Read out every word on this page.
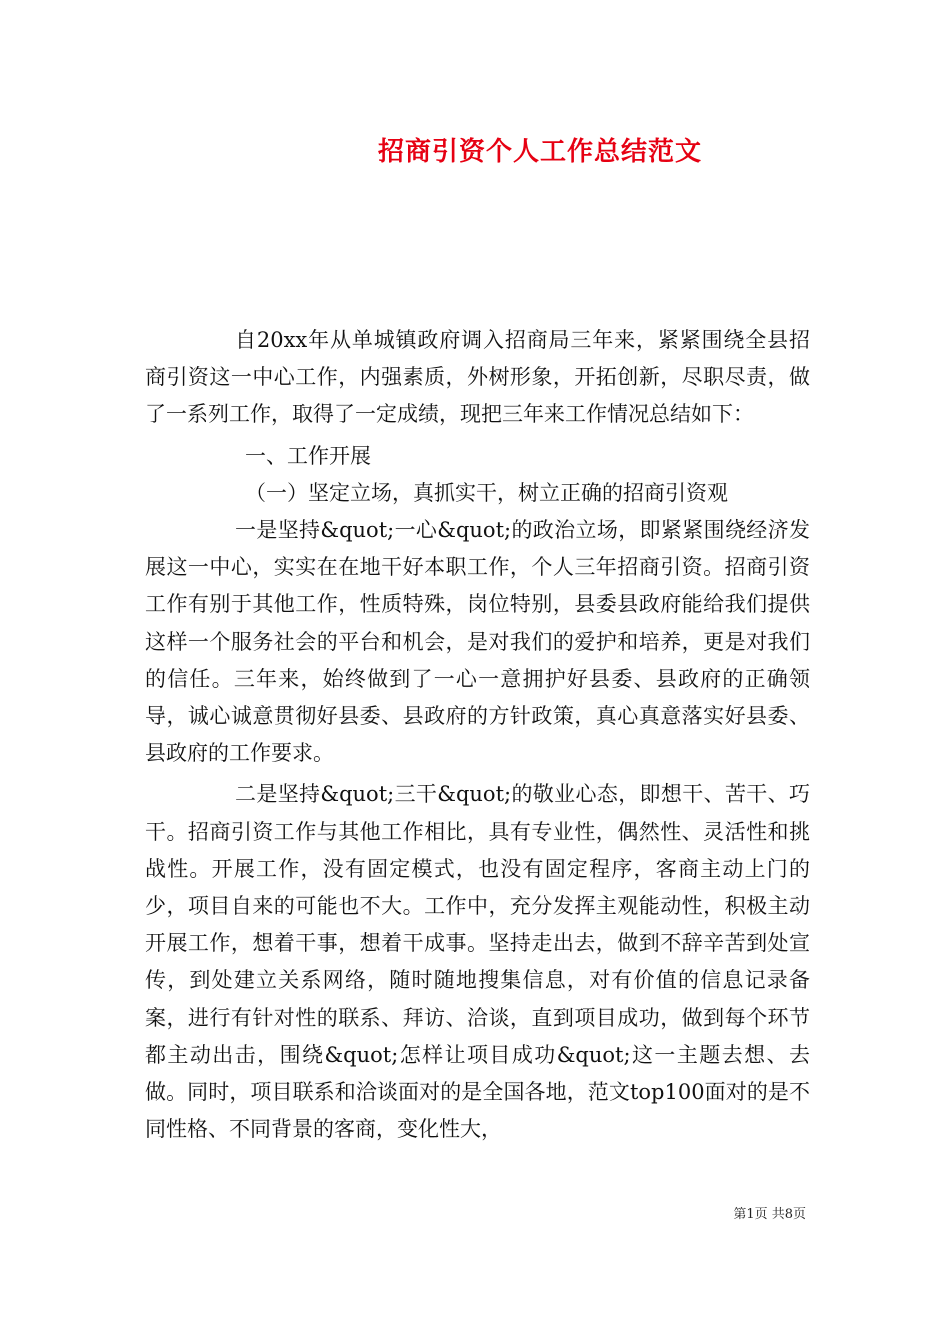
招商引资个人工作总结范文

自20xx年从单城镇政府调入招商局三年来，紧紧围绕全县招商引资这一中心工作，内强素质，外树形象，开拓创新，尽职尽责，做了一系列工作，取得了一定成绩，现把三年来工作情况总结如下：

一、工作开展

（一）坚定立场，真抓实干，树立正确的招商引资观

一是坚持&quot;一心&quot;的政治立场，即紧紧围绕经济发展这一中心，实实在在地干好本职工作，个人三年招商引资。招商引资工作有别于其他工作，性质特殊，岗位特别，县委县政府能给我们提供这样一个服务社会的平台和机会，是对我们的爱护和培养，更是对我们的信任。三年来，始终做到了一心一意拥护好县委、县政府的正确领导，诚心诚意贯彻好县委、县政府的方针政策，真心真意落实好县委、县政府的工作要求。

二是坚持&quot;三干&quot;的敬业心态，即想干、苦干、巧干。招商引资工作与其他工作相比，具有专业性，偶然性、灵活性和挑战性。开展工作，没有固定模式，也没有固定程序，客商主动上门的少，项目自来的可能也不大。工作中，充分发挥主观能动性，积极主动开展工作，想着干事，想着干成事。坚持走出去，做到不辞辛苦到处宣传，到处建立关系网络，随时随地搜集信息，对有价值的信息记录备案，进行有针对性的联系、拜访、洽谈，直到项目成功，做到每个环节都主动出击，围绕&quot;怎样让项目成功&quot;这一主题去想、去做。同时，项目联系和洽谈面对的是全国各地，范文top100面对的是不同性格、不同背景的客商，变化性大，

第1页 共8页
